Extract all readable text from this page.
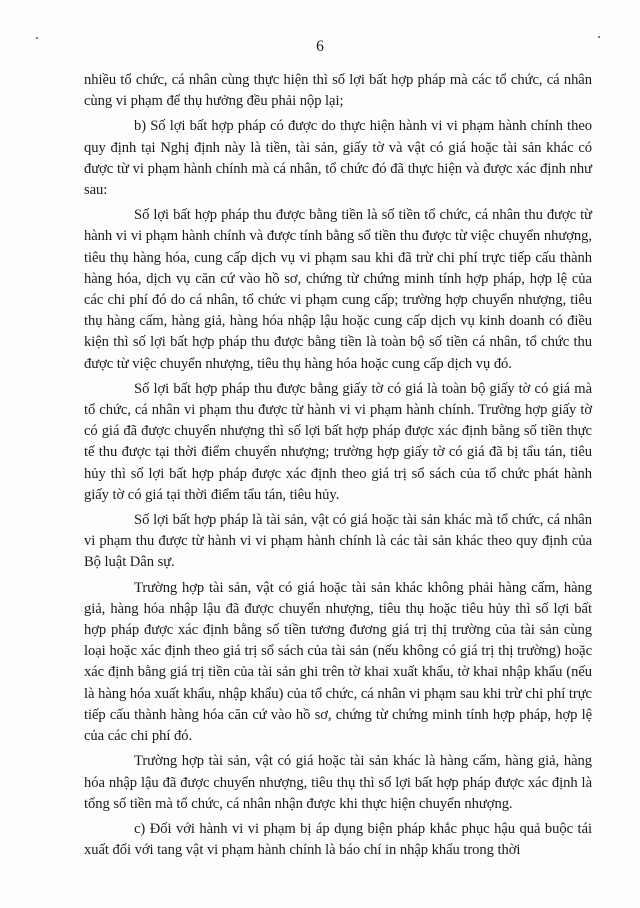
6

nhiều tổ chức, cá nhân cùng thực hiện thì số lợi bất hợp pháp mà các tổ chức, cá nhân cùng vi phạm để thụ hưởng đều phải nộp lại;

b) Số lợi bất hợp pháp có được do thực hiện hành vi vi phạm hành chính theo quy định tại Nghị định này là tiền, tài sản, giấy tờ và vật có giá hoặc tài sản khác có được từ vi phạm hành chính mà cá nhân, tổ chức đó đã thực hiện và được xác định như sau:

Số lợi bất hợp pháp thu được bằng tiền là số tiền tổ chức, cá nhân thu được từ hành vi vi phạm hành chính và được tính bằng số tiền thu được từ việc chuyển nhượng, tiêu thụ hàng hóa, cung cấp dịch vụ vi phạm sau khi đã trừ chi phí trực tiếp cấu thành hàng hóa, dịch vụ căn cứ vào hồ sơ, chứng từ chứng minh tính hợp pháp, hợp lệ của các chi phí đó do cá nhân, tổ chức vi phạm cung cấp; trường hợp chuyển nhượng, tiêu thụ hàng cấm, hàng giả, hàng hóa nhập lậu hoặc cung cấp dịch vụ kinh doanh có điều kiện thì số lợi bất hợp pháp thu được bằng tiền là toàn bộ số tiền cá nhân, tổ chức thu được từ việc chuyển nhượng, tiêu thụ hàng hóa hoặc cung cấp dịch vụ đó.

Số lợi bất hợp pháp thu được bằng giấy tờ có giá là toàn bộ giấy tờ có giá mà tổ chức, cá nhân vi phạm thu được từ hành vi vi phạm hành chính. Trường hợp giấy tờ có giá đã được chuyển nhượng thì số lợi bất hợp pháp được xác định bằng số tiền thực tế thu được tại thời điểm chuyển nhượng; trường hợp giấy tờ có giá đã bị tẩu tán, tiêu hủy thì số lợi bất hợp pháp được xác định theo giá trị sổ sách của tổ chức phát hành giấy tờ có giá tại thời điểm tẩu tán, tiêu hủy.

Số lợi bất hợp pháp là tài sản, vật có giá hoặc tài sản khác mà tổ chức, cá nhân vi phạm thu được từ hành vi vi phạm hành chính là các tài sản khác theo quy định của Bộ luật Dân sự.

Trường hợp tài sản, vật có giá hoặc tài sản khác không phải hàng cấm, hàng giả, hàng hóa nhập lậu đã được chuyển nhượng, tiêu thụ hoặc tiêu hủy thì số lợi bất hợp pháp được xác định bằng số tiền tương đương giá trị thị trường của tài sản cùng loại hoặc xác định theo giá trị sổ sách của tài sản (nếu không có giá trị thị trường) hoặc xác định bằng giá trị tiền của tài sản ghi trên tờ khai xuất khẩu, tờ khai nhập khẩu (nếu là hàng hóa xuất khẩu, nhập khẩu) của tổ chức, cá nhân vi phạm sau khi trừ chi phí trực tiếp cấu thành hàng hóa căn cứ vào hồ sơ, chứng từ chứng minh tính hợp pháp, hợp lệ của các chi phí đó.

Trường hợp tài sản, vật có giá hoặc tài sản khác là hàng cấm, hàng giả, hàng hóa nhập lậu đã được chuyển nhượng, tiêu thụ thì số lợi bất hợp pháp được xác định là tổng số tiền mà tổ chức, cá nhân nhận được khi thực hiện chuyển nhượng.

c) Đối với hành vi vi phạm bị áp dụng biện pháp khắc phục hậu quả buộc tái xuất đối với tang vật vi phạm hành chính là báo chí in nhập khẩu trong thời
